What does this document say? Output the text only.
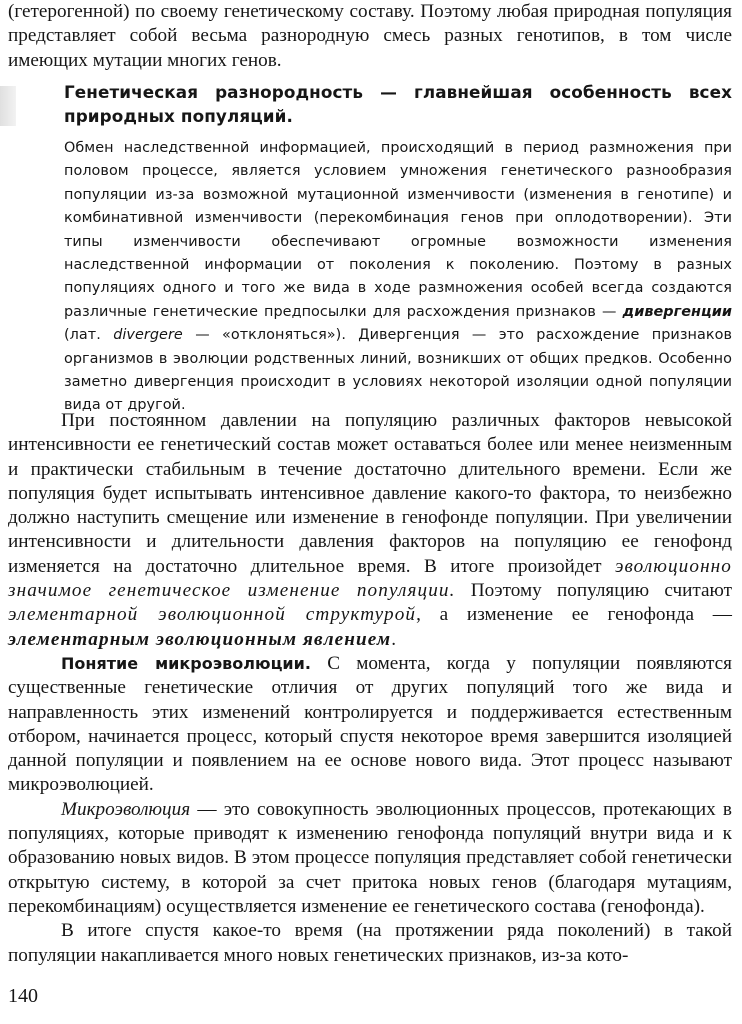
(гетерогенной) по своему генетическому составу. Поэтому любая природная популяция представляет собой весьма разнородную смесь разных генотипов, в том числе имеющих мутации многих генов.

Генетическая разнородность — главнейшая особенность всех природных популяций.

Обмен наследственной информацией, происходящий в период размножения при половом процессе, является условием умножения генетического разнообразия популяции из-за возможной мутационной изменчивости (изменения в генотипе) и комбинативной изменчивости (перекомбинация генов при оплодотворении). Эти типы изменчивости обеспечивают огромные возможности изменения наследственной информации от поколения к поколению. Поэтому в разных популяциях одного и того же вида в ходе размножения особей всегда создаются различные генетические предпосылки для расхождения признаков — дивергенции (лат. divergere — «отклоняться»). Дивергенция — это расхождение признаков организмов в эволюции родственных линий, возникших от общих предков. Особенно заметно дивергенция происходит в условиях некоторой изоляции одной популяции вида от другой.

При постоянном давлении на популяцию различных факторов невысокой интенсивности ее генетический состав может оставаться более или менее неизменным и практически стабильным в течение достаточно длительного времени. Если же популяция будет испытывать интенсивное давление какого-то фактора, то неизбежно должно наступить смещение или изменение в генофонде популяции. При увеличении интенсивности и длительности давления факторов на популяцию ее генофонд изменяется на достаточно длительное время. В итоге произойдет эволюционно значимое генетическое изменение популяции. Поэтому популяцию считают элементарной эволюционной структурой, а изменение ее генофонда — элементарным эволюционным явлением.

Понятие микроэволюции. С момента, когда у популяции появляются существенные генетические отличия от других популяций того же вида и направленность этих изменений контролируется и поддерживается естественным отбором, начинается процесс, который спустя некоторое время завершится изоляцией данной популяции и появлением на ее основе нового вида. Этот процесс называют микроэволюцией.

Микроэволюция — это совокупность эволюционных процессов, протекающих в популяциях, которые приводят к изменению генофонда популяций внутри вида и к образованию новых видов. В этом процессе популяция представляет собой генетически открытую систему, в которой за счет притока новых генов (благодаря мутациям, перекомбинациям) осуществляется изменение ее генетического состава (генофонда).

В итоге спустя какое-то время (на протяжении ряда поколений) в такой популяции накапливается много новых генетических признаков, из-за кото-

140
